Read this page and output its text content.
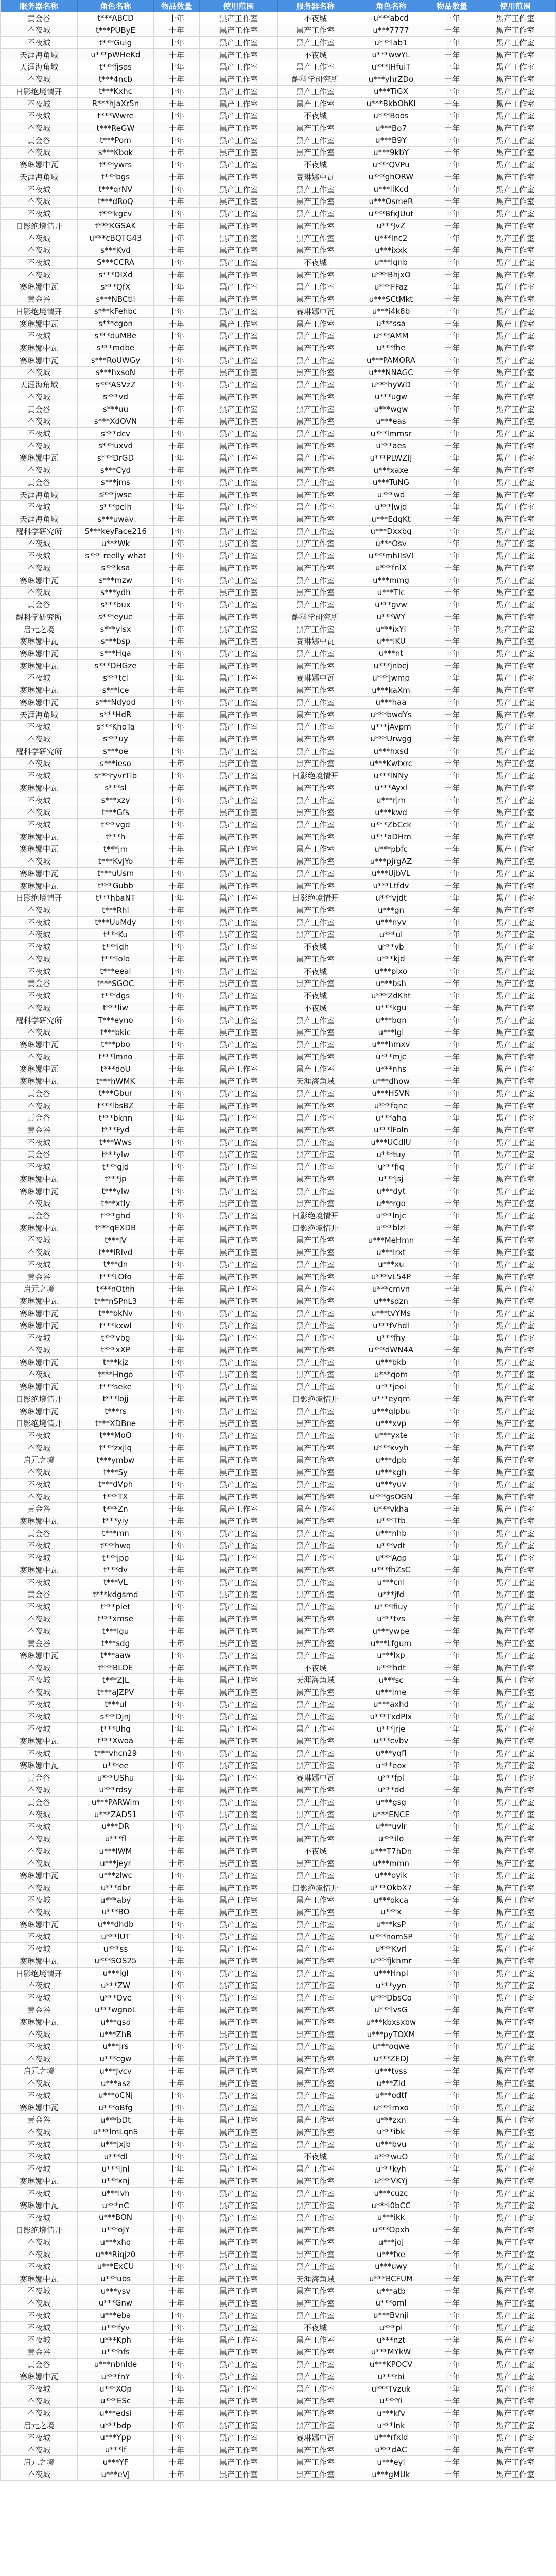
服务器名称	角色名称	物品数量	使用范围	服务器名称	角色名称	物品数量	使用范围
黄金谷	t***ABCD	十年	黑产工作室	不夜城	u***abcd	十年	黑产工作室
不夜城	t***PUByE	十年	黑产工作室	黑产工作室	u***7777	十年	黑产工作室
不夜城	t***Gulg	十年	黑产工作室	黑产工作室	u***lab1	十年	黑产工作室
天涯海角域	u***pWHeKd	十年	黑产工作室	不夜城	u***wwYL	十年	黑产工作室
天涯海角域	t***fjsps	十年	黑产工作室	黑产工作室	u***IHfuiT	十年	黑产工作室
不夜城	t***4ncb	十年	黑产工作室	醒科学研究所	u***yhrZDo	十年	黑产工作室
日影绝境情开	t***Kxhc	十年	黑产工作室	黑产工作室	u***TiGX	十年	黑产工作室
不夜城	R***hJaXr5n	十年	黑产工作室	黑产工作室	u***BkbOhKl	十年	黑产工作室
不夜城	t***Wwre	十年	黑产工作室	不夜城	u***Boos	十年	黑产工作室
不夜城	t***ReGW	十年	黑产工作室	黑产工作室	u***Bo7	十年	黑产工作室
黄金谷	t***Pom	十年	黑产工作室	黑产工作室	u***B9Y	十年	黑产工作室
不夜城	s***Kbok	十年	黑产工作室	黑产工作室	u***9kbY	十年	黑产工作室
赛琳娜中瓦	t***ywrs	十年	黑产工作室	不夜城	u***QVPu	十年	黑产工作室
天涯海角域	t***bgs	十年	黑产工作室	赛琳娜中瓦	u***ghORW	十年	黑产工作室
不夜城	t***qrNV	十年	黑产工作室	黑产工作室	u***llKcd	十年	黑产工作室
不夜城	t***dRoQ	十年	黑产工作室	黑产工作室	u***OsmeR	十年	黑产工作室
不夜城	t***kgcv	十年	黑产工作室	黑产工作室	u***BfxJUut	十年	黑产工作室
日影绝境情开	t***KGSAK	十年	黑产工作室	黑产工作室	u***JvZ	十年	黑产工作室
不夜城	u***cBQTG43	十年	黑产工作室	黑产工作室	u***Inc2	十年	黑产工作室
不夜城	s***Kvd	十年	黑产工作室	黑产工作室	u***ixxk	十年	黑产工作室
不夜城	S***CCRA	十年	黑产工作室	不夜城	u***lqnb	十年	黑产工作室
不夜城	s***DIXd	十年	黑产工作室	黑产工作室	u***BhjxO	十年	黑产工作室
赛琳娜中瓦	s***QfX	十年	黑产工作室	黑产工作室	u***FFaz	十年	黑产工作室
黄金谷	s***NBCtll	十年	黑产工作室	黑产工作室	u***SCtMkt	十年	黑产工作室
日影绝境情开	s***kFehbc	十年	黑产工作室	赛琳娜中瓦	u***i4k8b	十年	黑产工作室
赛琳娜中瓦	s***cgon	十年	黑产工作室	黑产工作室	u***ssa	十年	黑产工作室
不夜城	s***duMBe	十年	黑产工作室	黑产工作室	u***AMM	十年	黑产工作室
赛琳娜中瓦	s***mdbe	十年	黑产工作室	黑产工作室	u***fhe	十年	黑产工作室
赛琳娜中瓦	s***RoUWGy	十年	黑产工作室	黑产工作室	u***PAMORA	十年	黑产工作室
不夜城	s***hxsoN	十年	黑产工作室	黑产工作室	u***NNAGC	十年	黑产工作室
天涯海角域	s***ASVzZ	十年	黑产工作室	黑产工作室	u***hyWD	十年	黑产工作室
不夜城	s***vd	十年	黑产工作室	黑产工作室	u***ugw	十年	黑产工作室
黄金谷	s***uu	十年	黑产工作室	黑产工作室	u***wgw	十年	黑产工作室
不夜城	s***XdOVN	十年	黑产工作室	黑产工作室	u***eas	十年	黑产工作室
不夜城	s***dcv	十年	黑产工作室	黑产工作室	u***lmmsr	十年	黑产工作室
不夜城	s***uxvd	十年	黑产工作室	黑产工作室	u***aes	十年	黑产工作室
赛琳娜中瓦	s***DrGD	十年	黑产工作室	黑产工作室	u***PLWZIJ	十年	黑产工作室
不夜城	s***Cyd	十年	黑产工作室	黑产工作室	u***xaxe	十年	黑产工作室
黄金谷	s***jms	十年	黑产工作室	黑产工作室	u***TuNG	十年	黑产工作室
天涯海角域	s***jwse	十年	黑产工作室	黑产工作室	u***wd	十年	黑产工作室
不夜城	s***pelh	十年	黑产工作室	黑产工作室	u***lwjd	十年	黑产工作室
天涯海角域	s***uwav	十年	黑产工作室	黑产工作室	u***EdqKt	十年	黑产工作室
醒科学研究所	S***keyFace216	十年	黑产工作室	黑产工作室	u***Dxxbq	十年	黑产工作室
不夜城	u***Wk	十年	黑产工作室	黑产工作室	u***Osv	十年	黑产工作室
不夜城	s*** reelly what	十年	黑产工作室	黑产工作室	u***mhIIsVl	十年	黑产工作室
不夜城	s***ksa	十年	黑产工作室	黑产工作室	u***fnlX	十年	黑产工作室
赛琳娜中瓦	s***mzw	十年	黑产工作室	黑产工作室	u***mmg	十年	黑产工作室
不夜城	s***ydh	十年	黑产工作室	黑产工作室	u***TIc	十年	黑产工作室
黄金谷	s***bux	十年	黑产工作室	黑产工作室	u***gvw	十年	黑产工作室
醒科学研究所	s***eyue	十年	黑产工作室	醒科学研究所	u***WY	十年	黑产工作室
启元之境	s***ylsx	十年	黑产工作室	黑产工作室	u***ixYl	十年	黑产工作室
赛琳娜中瓦	s***bsp	十年	黑产工作室	赛琳娜中瓦	u***lKU	十年	黑产工作室
赛琳娜中瓦	s***Hqa	十年	黑产工作室	黑产工作室	u***nt	十年	黑产工作室
赛琳娜中瓦	s***DHGze	十年	黑产工作室	黑产工作室	u***jnbcj	十年	黑产工作室
不夜城	s***tcl	十年	黑产工作室	赛琳娜中瓦	u***Jwmp	十年	黑产工作室
赛琳娜中瓦	s***lce	十年	黑产工作室	黑产工作室	u***kaXm	十年	黑产工作室
赛琳娜中瓦	s***Ndyqd	十年	黑产工作室	黑产工作室	u***haa	十年	黑产工作室
天涯海角域	s***HdR	十年	黑产工作室	黑产工作室	u***bwdYs	十年	黑产工作室
不夜城	s***KhoTa	十年	黑产工作室	黑产工作室	u***jAvpm	十年	黑产工作室
不夜城	s***uy	十年	黑产工作室	黑产工作室	u***Urwgg	十年	黑产工作室
醒科学研究所	s***oe	十年	黑产工作室	黑产工作室	u***hxsd	十年	黑产工作室
不夜城	s***ieso	十年	黑产工作室	黑产工作室	u***Kwtxrc	十年	黑产工作室
不夜城	s***ryvrTlb	十年	黑产工作室	日影绝境情开	u***lNNy	十年	黑产工作室
赛琳娜中瓦	s***sl	十年	黑产工作室	黑产工作室	u***Ayxl	十年	黑产工作室
不夜城	s***xzy	十年	黑产工作室	黑产工作室	u***rjm	十年	黑产工作室
不夜城	t***Gfs	十年	黑产工作室	黑产工作室	u***kwd	十年	黑产工作室
不夜城	t***vgd	十年	黑产工作室	黑产工作室	u***ZbCck	十年	黑产工作室
赛琳娜中瓦	t***h	十年	黑产工作室	黑产工作室	u***aDHm	十年	黑产工作室
赛琳娜中瓦	t***jm	十年	黑产工作室	黑产工作室	u***pbfc	十年	黑产工作室
不夜城	t***KvjYo	十年	黑产工作室	黑产工作室	u***pjrgAZ	十年	黑产工作室
赛琳娜中瓦	t***uUsm	十年	黑产工作室	黑产工作室	u***UjbVL	十年	黑产工作室
赛琳娜中瓦	t***Gubb	十年	黑产工作室	黑产工作室	u***Ltfdv	十年	黑产工作室
日影绝境情开	t***hbaNT	十年	黑产工作室	日影绝境情开	u***vjdt	十年	黑产工作室
不夜城	t***Rhl	十年	黑产工作室	黑产工作室	u***gn	十年	黑产工作室
不夜城	t***UuMdy	十年	黑产工作室	黑产工作室	u***nyv	十年	黑产工作室
不夜城	t***Ku	十年	黑产工作室	黑产工作室	u***ul	十年	黑产工作室
不夜城	t***idh	十年	黑产工作室	不夜城	u***vb	十年	黑产工作室
不夜城	t***lolo	十年	黑产工作室	黑产工作室	u***kjd	十年	黑产工作室
不夜城	t***eeal	十年	黑产工作室	不夜城	u***plxo	十年	黑产工作室
黄金谷	t***SGOC	十年	黑产工作室	黑产工作室	u***bsh	十年	黑产工作室
不夜城	t***dgs	十年	黑产工作室	不夜城	u***ZdKht	十年	黑产工作室
不夜城	t***liw	十年	黑产工作室	不夜城	u***kgu	十年	黑产工作室
醒科学研究所	T***eyno	十年	黑产工作室	黑产工作室	u***bqn	十年	黑产工作室
不夜城	t***bkic	十年	黑产工作室	黑产工作室	u***lgl	十年	黑产工作室
赛琳娜中瓦	t***pbo	十年	黑产工作室	黑产工作室	u***hmxv	十年	黑产工作室
不夜城	t***lmno	十年	黑产工作室	黑产工作室	u***mjc	十年	黑产工作室
赛琳娜中瓦	t***doU	十年	黑产工作室	黑产工作室	u***nhs	十年	黑产工作室
赛琳娜中瓦	t***hWMK	十年	黑产工作室	天涯海角域	u***dhow	十年	黑产工作室
黄金谷	t***Gbur	十年	黑产工作室	黑产工作室	u***HSVN	十年	黑产工作室
不夜城	t***lbsBZ	十年	黑产工作室	黑产工作室	u***fqne	十年	黑产工作室
黄金谷	t***bknn	十年	黑产工作室	黑产工作室	u***aha	十年	黑产工作室
黄金谷	t***Fyd	十年	黑产工作室	黑产工作室	u***lFoln	十年	黑产工作室
不夜城	t***Wws	十年	黑产工作室	黑产工作室	u***UCdlU	十年	黑产工作室
黄金谷	t***ylw	十年	黑产工作室	黑产工作室	u***tuy	十年	黑产工作室
不夜城	t***gjd	十年	黑产工作室	黑产工作室	u***fiq	十年	黑产工作室
赛琳娜中瓦	t***jp	十年	黑产工作室	黑产工作室	u***jsj	十年	黑产工作室
赛琳娜中瓦	t***ylw	十年	黑产工作室	黑产工作室	u***dyt	十年	黑产工作室
不夜城	t***xtly	十年	黑产工作室	黑产工作室	u***rgo	十年	黑产工作室
黄金谷	t***ghd	十年	黑产工作室	日影绝境情开	u***lnjc	十年	黑产工作室
赛琳娜中瓦	t***qEXDB	十年	黑产工作室	日影绝境情开	u***blzl	十年	黑产工作室
不夜城	t***lV	十年	黑产工作室	黑产工作室	u***MeHmn	十年	黑产工作室
不夜城	t***lRlvd	十年	黑产工作室	黑产工作室	u***lrxt	十年	黑产工作室
不夜城	t***dn	十年	黑产工作室	黑产工作室	u***xu	十年	黑产工作室
黄金谷	t***LOfo	十年	黑产工作室	黑产工作室	u***vL54P	十年	黑产工作室
启元之境	t***nOthh	十年	黑产工作室	黑产工作室	u***cmvn	十年	黑产工作室
赛琳娜中瓦	t***nSPnL3	十年	黑产工作室	黑产工作室	u***sdzn	十年	黑产工作室
赛琳娜中瓦	t***bkNv	十年	黑产工作室	黑产工作室	u***tvYMs	十年	黑产工作室
赛琳娜中瓦	t***kxwl	十年	黑产工作室	黑产工作室	u***fVhdl	十年	黑产工作室
不夜城	t***vbg	十年	黑产工作室	黑产工作室	u***fhy	十年	黑产工作室
不夜城	t***xXP	十年	黑产工作室	黑产工作室	u***dWN4A	十年	黑产工作室
赛琳娜中瓦	t***kjz	十年	黑产工作室	黑产工作室	u***bkb	十年	黑产工作室
不夜城	t***Hngo	十年	黑产工作室	黑产工作室	u***qom	十年	黑产工作室
赛琳娜中瓦	t***seke	十年	黑产工作室	黑产工作室	u***jeoi	十年	黑产工作室
日影绝境情开	t***lojj	十年	黑产工作室	日影绝境情开	u***eyqm	十年	黑产工作室
赛琳娜中瓦	t***rs	十年	黑产工作室	黑产工作室	u***qipbu	十年	黑产工作室
日影绝境情开	t***XDBne	十年	黑产工作室	黑产工作室	u***xvp	十年	黑产工作室
不夜城	t***MoO	十年	黑产工作室	黑产工作室	u***yxte	十年	黑产工作室
不夜城	t***zxjlq	十年	黑产工作室	黑产工作室	u***xvyh	十年	黑产工作室
启元之境	t***ymbw	十年	黑产工作室	黑产工作室	u***dpb	十年	黑产工作室
不夜城	t***Sy	十年	黑产工作室	黑产工作室	u***kgh	十年	黑产工作室
不夜城	t***dVph	十年	黑产工作室	黑产工作室	u***yuv	十年	黑产工作室
不夜城	t***TX	十年	黑产工作室	黑产工作室	u***gsOGN	十年	黑产工作室
黄金谷	t***Zn	十年	黑产工作室	黑产工作室	u***vkha	十年	黑产工作室
赛琳娜中瓦	t***yiy	十年	黑产工作室	黑产工作室	u***Ttb	十年	黑产工作室
黄金谷	t***mn	十年	黑产工作室	黑产工作室	u***nhb	十年	黑产工作室
不夜城	t***hwq	十年	黑产工作室	黑产工作室	u***vdt	十年	黑产工作室
不夜城	t***jpp	十年	黑产工作室	黑产工作室	u***Aop	十年	黑产工作室
赛琳娜中瓦	t***dv	十年	黑产工作室	黑产工作室	u***fhZsC	十年	黑产工作室
不夜城	t***VL	十年	黑产工作室	黑产工作室	u***cnl	十年	黑产工作室
黄金谷	t***kdgsmd	十年	黑产工作室	黑产工作室	u***jfd	十年	黑产工作室
不夜城	t***piet	十年	黑产工作室	黑产工作室	u***lfiuy	十年	黑产工作室
不夜城	t***xmse	十年	黑产工作室	黑产工作室	u***tvs	十年	黑产工作室
不夜城	t***lgu	十年	黑产工作室	黑产工作室	u***ywpe	十年	黑产工作室
黄金谷	t***sdg	十年	黑产工作室	黑产工作室	u***Lfgum	十年	黑产工作室
赛琳娜中瓦	t***aaw	十年	黑产工作室	黑产工作室	u***lxp	十年	黑产工作室
不夜城	t***BLOE	十年	黑产工作室	不夜城	u***hdt	十年	黑产工作室
不夜城	t***ZJL	十年	黑产工作室	天涯海角域	u***sc	十年	黑产工作室
不夜城	t***aJZPV	十年	黑产工作室	黑产工作室	u***lme	十年	黑产工作室
不夜城	t***uI	十年	黑产工作室	黑产工作室	u***axhd	十年	黑产工作室
不夜城	s***DjnJ	十年	黑产工作室	黑产工作室	u***TxdPIx	十年	黑产工作室
不夜城	t***Uhg	十年	黑产工作室	黑产工作室	u***jrje	十年	黑产工作室
赛琳娜中瓦	t***Xwoa	十年	黑产工作室	黑产工作室	u***cvbv	十年	黑产工作室
不夜城	t***vhcn29	十年	黑产工作室	黑产工作室	u***yqfl	十年	黑产工作室
赛琳娜中瓦	u***ee	十年	黑产工作室	黑产工作室	u***eox	十年	黑产工作室
黄金谷	u***UShu	十年	黑产工作室	赛琳娜中瓦	u***fpl	十年	黑产工作室
不夜城	u***rdsy	十年	黑产工作室	黑产工作室	u***dd	十年	黑产工作室
黄金谷	u***PARWim	十年	黑产工作室	黑产工作室	u***gsg	十年	黑产工作室
不夜城	u***ZAD51	十年	黑产工作室	黑产工作室	u***ENCE	十年	黑产工作室
不夜城	u***DR	十年	黑产工作室	黑产工作室	u***uvlr	十年	黑产工作室
不夜城	u***fl	十年	黑产工作室	黑产工作室	u***ilo	十年	黑产工作室
不夜城	u***lWM	十年	黑产工作室	不夜城	u***T7hDn	十年	黑产工作室
不夜城	u***jeyr	十年	黑产工作室	黑产工作室	u***mmn	十年	黑产工作室
赛琳娜中瓦	u***zlwc	十年	黑产工作室	黑产工作室	u***oyik	十年	黑产工作室
不夜城	u***dbr	十年	黑产工作室	日影绝境情开	u***OkbX7	十年	黑产工作室
不夜城	u***aby	十年	黑产工作室	黑产工作室	u***okca	十年	黑产工作室
不夜城	u***BO	十年	黑产工作室	黑产工作室	u***x	十年	黑产工作室
赛琳娜中瓦	u***dhdb	十年	黑产工作室	黑产工作室	u***ksP	十年	黑产工作室
不夜城	u***lUT	十年	黑产工作室	黑产工作室	u***nomSP	十年	黑产工作室
不夜城	u***ss	十年	黑产工作室	黑产工作室	u***Kvrl	十年	黑产工作室
赛琳娜中瓦	u***SOS25	十年	黑产工作室	黑产工作室	u***fjkhmr	十年	黑产工作室
日影绝境情开	u***lgl	十年	黑产工作室	黑产工作室	u***HnpI	十年	黑产工作室
不夜城	u***ZW	十年	黑产工作室	黑产工作室	u***yyn	十年	黑产工作室
不夜城	u***Ovc	十年	黑产工作室	黑产工作室	u***DbsCo	十年	黑产工作室
黄金谷	u***wgnoL	十年	黑产工作室	黑产工作室	u***lvsG	十年	黑产工作室
赛琳娜中瓦	u***gso	十年	黑产工作室	黑产工作室	u***kbxsxbw	十年	黑产工作室
不夜城	u***ZhB	十年	黑产工作室	黑产工作室	u***pyTOXM	十年	黑产工作室
不夜城	u***jrs	十年	黑产工作室	黑产工作室	u***oqwe	十年	黑产工作室
不夜城	u***cgw	十年	黑产工作室	黑产工作室	u***ZEDJ	十年	黑产工作室
启元之境	u***Jvcv	十年	黑产工作室	黑产工作室	u***tvss	十年	黑产工作室
不夜城	u***asz	十年	黑产工作室	黑产工作室	u***Zld	十年	黑产工作室
不夜城	u***oCNj	十年	黑产工作室	黑产工作室	u***odtf	十年	黑产工作室
赛琳娜中瓦	u***oBfg	十年	黑产工作室	黑产工作室	u***lmxo	十年	黑产工作室
黄金谷	u***bDt	十年	黑产工作室	黑产工作室	u***zxn	十年	黑产工作室
不夜城	u***lmLqnS	十年	黑产工作室	黑产工作室	u***ibk	十年	黑产工作室
不夜城	u***jxjb	十年	黑产工作室	黑产工作室	u***bvu	十年	黑产工作室
不夜城	u***dl	十年	黑产工作室	不夜城	u***wuO	十年	黑产工作室
不夜城	u***ljnl	十年	黑产工作室	黑产工作室	u***kyh	十年	黑产工作室
赛琳娜中瓦	u***xnj	十年	黑产工作室	黑产工作室	u***VKYj	十年	黑产工作室
不夜城	u***lvh	十年	黑产工作室	黑产工作室	u***cuzc	十年	黑产工作室
赛琳娜中瓦	u***nC	十年	黑产工作室	黑产工作室	u***i0bCC	十年	黑产工作室
不夜城	u***BON	十年	黑产工作室	黑产工作室	u***ikk	十年	黑产工作室
日影绝境情开	u***oJY	十年	黑产工作室	黑产工作室	u***Opxh	十年	黑产工作室
不夜城	u***xhq	十年	黑产工作室	黑产工作室	u***joj	十年	黑产工作室
不夜城	u***Riqjz0	十年	黑产工作室	黑产工作室	u***fxe	十年	黑产工作室
不夜城	u***ExCU	十年	黑产工作室	黑产工作室	u***uwy	十年	黑产工作室
赛琳娜中瓦	u***ubs	十年	黑产工作室	天涯海角域	u***BCFUM	十年	黑产工作室
不夜城	u***ysv	十年	黑产工作室	黑产工作室	u***atb	十年	黑产工作室
不夜城	u***Gnw	十年	黑产工作室	黑产工作室	u***oml	十年	黑产工作室
不夜城	u***eba	十年	黑产工作室	黑产工作室	u***Bvnji	十年	黑产工作室
不夜城	u***fyv	十年	黑产工作室	不夜城	u***pl	十年	黑产工作室
不夜城	u***Kph	十年	黑产工作室	黑产工作室	u***nzt	十年	黑产工作室
黄金谷	u***hfs	十年	黑产工作室	黑产工作室	u***MYkW	十年	黑产工作室
黄金谷	u***nbnlde	十年	黑产工作室	黑产工作室	u***KPOCV	十年	黑产工作室
赛琳娜中瓦	u***fnY	十年	黑产工作室	黑产工作室	u***rbi	十年	黑产工作室
不夜城	u***XOp	十年	黑产工作室	黑产工作室	u***Tvzuk	十年	黑产工作室
不夜城	u***ESc	十年	黑产工作室	黑产工作室	u***Yi	十年	黑产工作室
不夜城	u***edsi	十年	黑产工作室	黑产工作室	u***kfv	十年	黑产工作室
启元之境	u***bdp	十年	黑产工作室	黑产工作室	u***lnk	十年	黑产工作室
不夜城	u***Ypp	十年	黑产工作室	赛琳娜中瓦	u***rfxld	十年	黑产工作室
不夜城	u***lf	十年	黑产工作室	黑产工作室	u***dAC	十年	黑产工作室
启元之境	u***YF	十年	黑产工作室	黑产工作室	u***eyl	十年	黑产工作室
不夜城	u***eVJ	十年	黑产工作室	黑产工作室	u***gMUk	十年	黑产工作室
